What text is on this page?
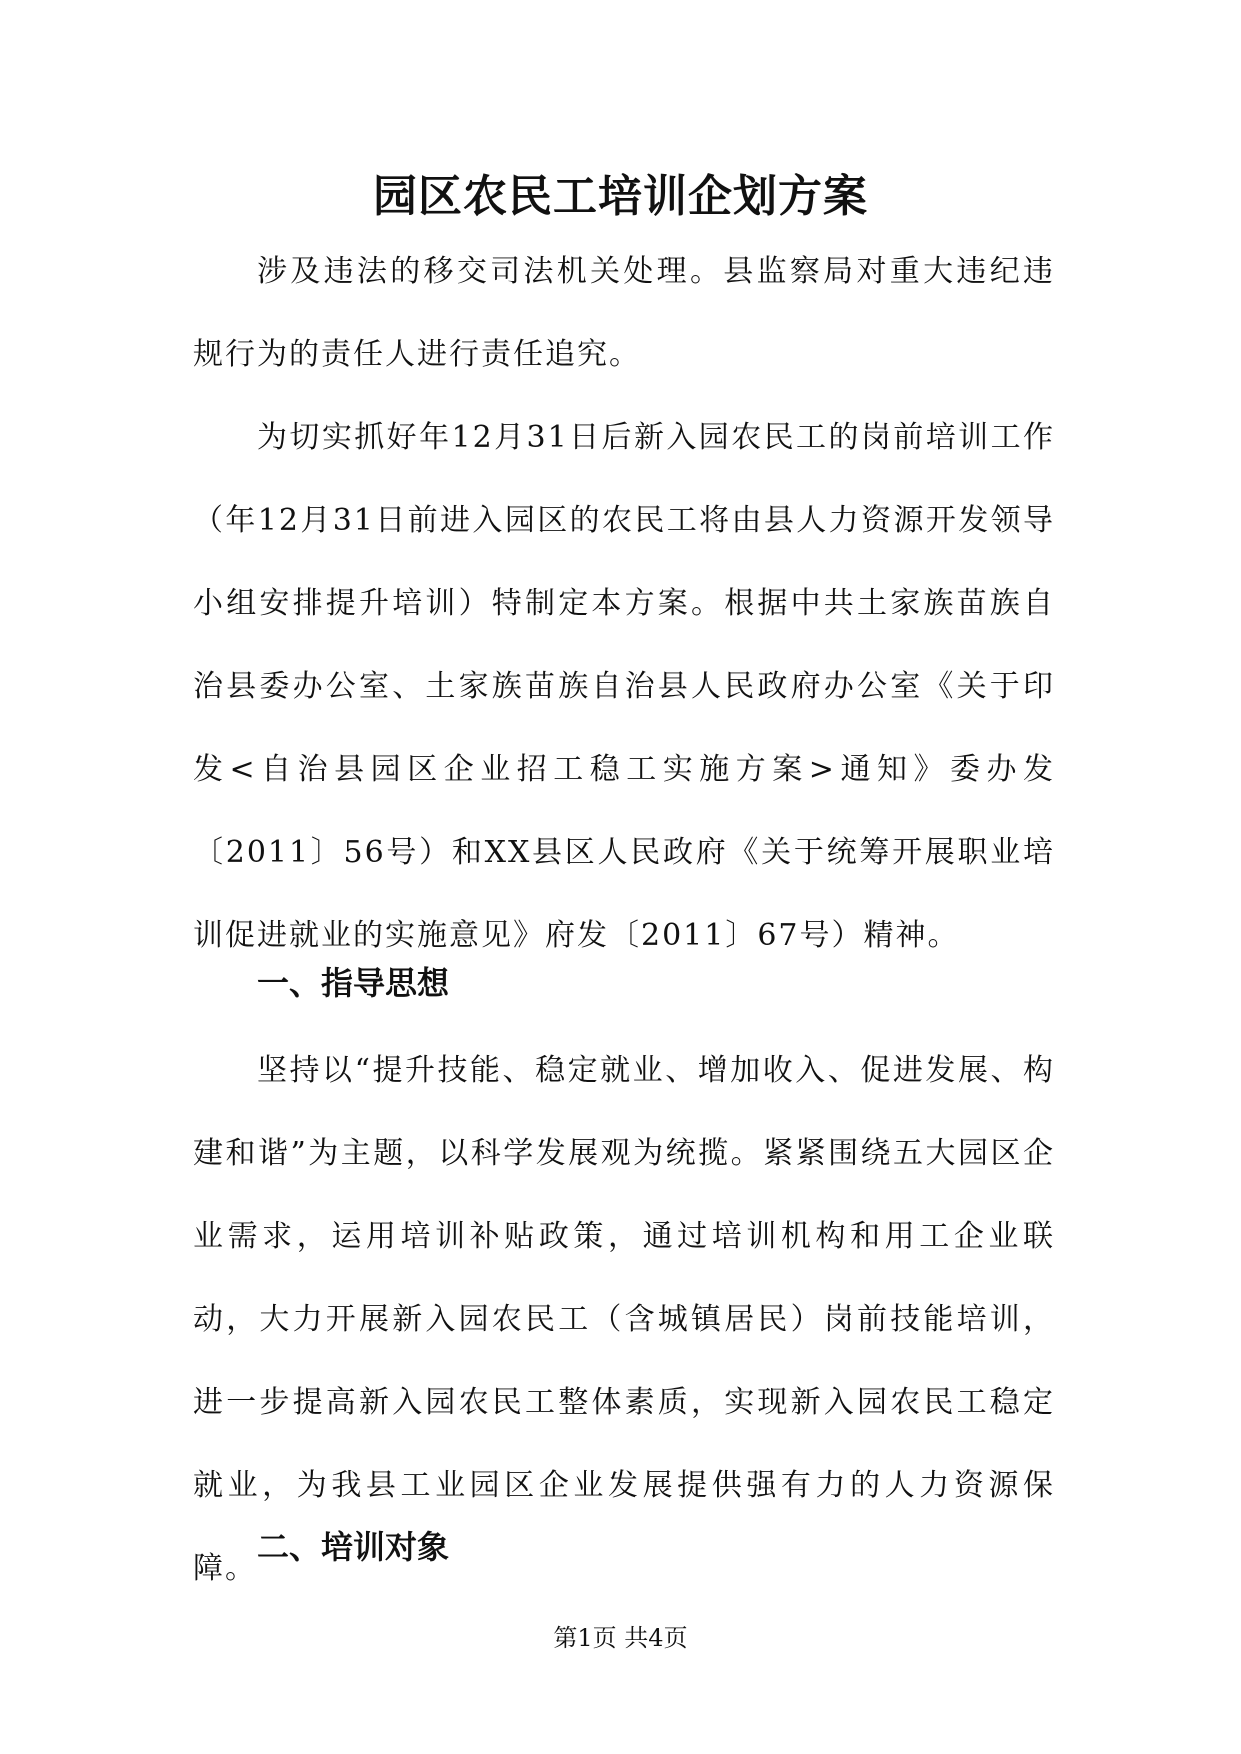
园区农民工培训企划方案

涉及违法的移交司法机关处理。县监察局对重大违纪违规行为的责任人进行责任追究。

为切实抓好年12月31日后新入园农民工的岗前培训工作（年12月31日前进入园区的农民工将由县人力资源开发领导小组安排提升培训）特制定本方案。根据中共土家族苗族自治县委办公室、土家族苗族自治县人民政府办公室《关于印发<自治县园区企业招工稳工实施方案>通知》委办发〔2011〕56号）和XX县区人民政府《关于统筹开展职业培训促进就业的实施意见》府发〔2011〕67号）精神。

一、指导思想

坚持以“提升技能、稳定就业、增加收入、促进发展、构建和谐”为主题，以科学发展观为统揽。紧紧围绕五大园区企业需求，运用培训补贴政策，通过培训机构和用工企业联动，大力开展新入园农民工（含城镇居民）岗前技能培训，进一步提高新入园农民工整体素质，实现新入园农民工稳定就业，为我县工业园区企业发展提供强有力的人力资源保障。

二、培训对象
第1页 共4页
